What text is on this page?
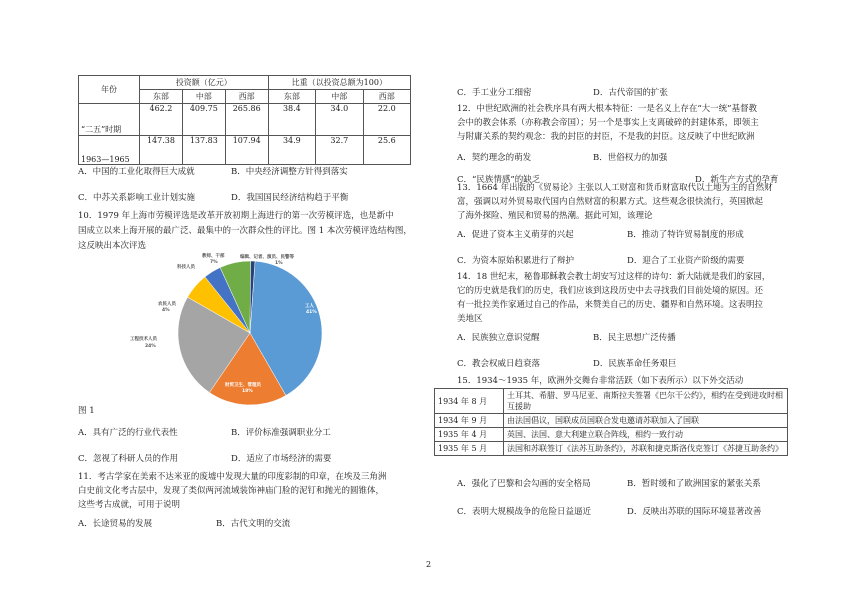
年份	投资额（亿元）			比重（以投资总额为100）		
	东部	中部	西部	东部	中部	西部
“二五”时期	462.2	409.75	265.86	38.4	34.0	22.0
1963—1965	147.38	137.83	107.94	34.9	32.7	25.6
A．中国的工业化取得巨大成就	B．中央经济调整方针得到落实
C．中苏关系影响工业计划实施	D．我国国民经济结构趋于平衡
10．1979 年上海市劳模评选是改革开放初期上海进行的第一次劳模评选，也是新中
国成立以来上海开展的最广泛、最集中的一次群众性的评比。图 1 本次劳模评选结构图，
这反映出本次评选
工人
41%
财贸卫生、管理员
18%
工程技术人员
24%
农民人员
4%
科技人员
教师、干部
7%
编辑、记者、演员、民警等
1%
图 1
A．具有广泛的行业代表性	B．评价标准强调职业分工
C．忽视了科研人员的作用	D．适应了市场经济的需要
11．考古学家在美索不达米亚的废墟中发现大量的印度彩制的印章，在埃及三角洲
白史前文化考古层中，发现了类似两河流域装饰神庙门脸的泥钉和抛光的圆锥体，
这些考古成就，可用于说明
A．长途贸易的发展	B．古代文明的交流
C．手工业分工细密	D．古代帝国的扩张
12．中世纪欧洲的社会秩序具有两大根本特征：一是名义上存在“大一统”基督教
会中的教会体系（亦称教会帝国）；另一个是事实上支离破碎的封建体系，即领主
与附庸关系的契约观念：我的封臣的封臣，不是我的封臣。这反映了中世纪欧洲
A．契约理念的萌发	B．世俗权力的加强
C．“民族情感”的缺乏	D．新生产方式的孕育
13．1664 年出版的《贸易论》主张以人工财富和货币财富取代以土地为主的自然财
富，强调以对外贸易取代国内自然财富的积累方式。这些观念很快流行，英国掀起
了海外探险、殖民和贸易的热潮。据此可知，该理论
A．促进了资本主义萌芽的兴起	B．推动了特许贸易制度的形成
C．为资本原始积累进行了辩护	D．迎合了工业资产阶级的需要
14．18 世纪末，秘鲁耶稣教会教士胡安写过这样的诗句：新大陆就是我们的家园，
它的历史就是我们的历史，我们应该到这段历史中去寻找我们目前处境的原因。还
有一批拉美作家通过自己的作品，来赞美自己的历史、疆界和自然环境。这表明拉
美地区
A．民族独立意识觉醒	B．民主思想广泛传播
C．教会权威日趋衰落	D．民族革命任务艰巨
15．1934～1935 年，欧洲外交舞台非常活跃（如下表所示）以下外交活动
1934 年 8 月	土耳其、希腊、罗马尼亚、南斯拉夫签署《巴尔干公约》，相约在受到进攻时相互援助
1934 年 9 月	由法国倡议，国联成员国联合发电邀请苏联加入了国联
1935 年 4 月	英国、法国、意大利建立联合阵线，相约一致行动
1935 年 5 月	法国和苏联签订《法苏互助条约》，苏联和捷克斯洛伐克签订《苏捷互助条约》
A．强化了巴黎和会勾画的安全格局	B．暂时缓和了欧洲国家的紧张关系
C．表明大规模战争的危险日益逼近	D．反映出苏联的国际环境显著改善
2
